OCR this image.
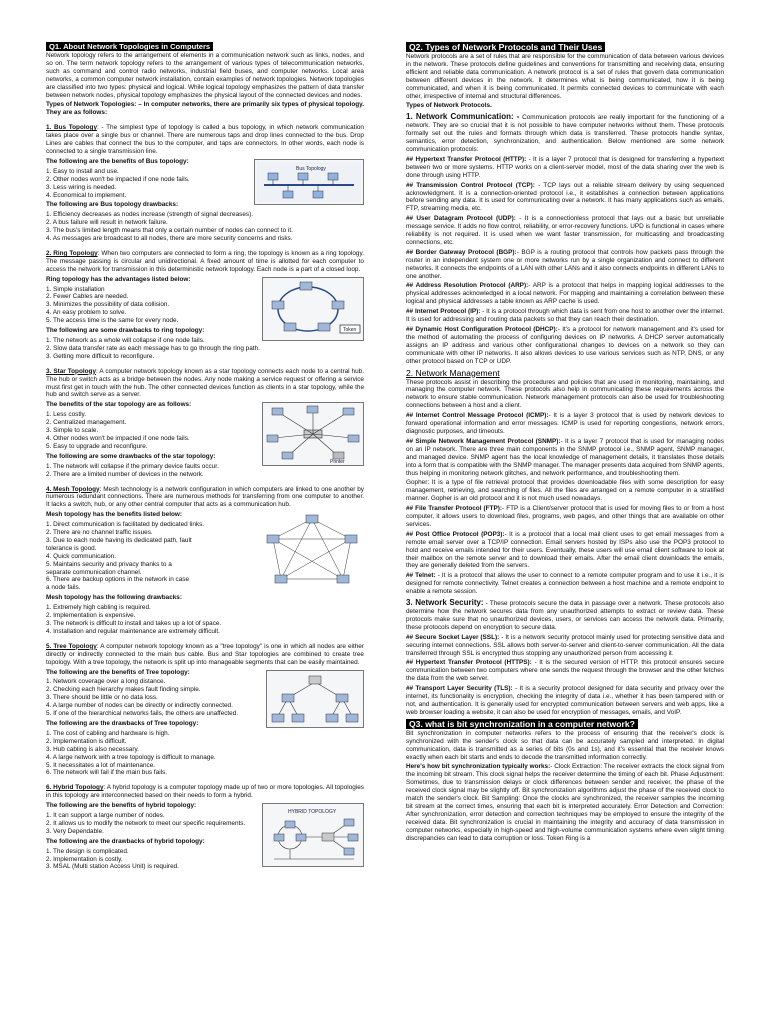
Q1. About Network Topologies in Computers

Network topology refers to the arrangement of elements in a communication network such as links, nodes, and so on. The term network topology refers to the arrangement of various types of telecommunication networks, such as command and control radio networks, industrial field buses, and computer networks. Local area networks, a common computer network installation, contain examples of network topologies. Network topologies are classified into two types: physical and logical. While logical topology emphasizes the pattern of data transfer between network nodes, physical topology emphasizes the physical layout of the connected devices and nodes.

Types of Network Topologies: – In computer networks, there are primarily six types of physical topology. They are as follows:

1. Bus Topology: - The simplest type of topology is called a bus topology, in which network communication takes place over a single bus or channel. There are numerous taps and drop lines connected to the bus. Drop Lines are cables that connect the bus to the computer, and taps are connectors. In other words, each node is connected to a single transmission line.

Bus Topology

The following are the benefits of Bus topology:

1. Easy to install and use.
2. Other nodes won't be impacted if one node fails.
3. Less wiring is needed.
4. Economical to implement.

The following are Bus topology drawbacks:

1. Efficiency decreases as nodes increase (strength of signal decreases).
2. A bus failure will result in network failure.
3. The bus's limited length means that only a certain number of nodes can connect to it.
4. As messages are broadcast to all nodes, there are more security concerns and risks.

2. Ring Topology: When two computers are connected to form a ring, the topology is known as a ring topology. The message passing is circular and unidirectional. A fixed amount of time is allotted for each computer to access the network for transmission in this deterministic network topology. Each node is a part of a closed loop.

Token

Ring topology has the advantages listed below:

1. Simple installation
2. Fewer Cables are needed.
3. Minimizes the possibility of data collision.
4. An easy problem to solve.
5. The access time is the same for every node.

The following are some drawbacks to ring topology:

1. The network as a whole will collapse if one node fails.
2. Slow data transfer rate as each message has to go through the ring path.
3. Getting more difficult to reconfigure.

3. Star Topology: A computer network topology known as a star topology connects each node to a central hub. The hub or switch acts as a bridge between the nodes. Any node making a service request or offering a service must first get in touch with the hub. The other connected devices function as clients in a star topology, while the hub and switch serve as a server.

Printer

The benefits of the star topology are as follows:

1. Less costly.
2. Centralized management.
3. Simple to scale.
4. Other nodes won't be impacted if one node fails.
5. Easy to upgrade and reconfigure.

The following are some drawbacks of the star topology:

1. The network will collapse if the primary device faults occur.
2. There are a limited number of devices in the network.

4. Mesh Topology: Mesh technology is a network configuration in which computers are linked to one another by numerous redundant connections. There are numerous methods for transferring from one computer to another. It lacks a switch, hub, or any other central computer that acts as a communication hub.

Mesh topology has the benefits listed below:

1. Direct communication is facilitated by dedicated links.
2. There are no channel traffic issues.
3. Due to each node having its dedicated path, fault
tolerance is good.
4. Quick communication.
5. Maintains security and privacy thanks to a
separate communication channel.
6. There are backup options in the network in case
a node fails.

Mesh topology has the following drawbacks:

1. Extremely high cabling is required.
2. Implementation is expensive.
3. The network is difficult to install and takes up a lot of space.
4. Installation and regular maintenance are extremely difficult.

5. Tree Topology: A computer network topology known as a "tree topology" is one in which all nodes are either directly or indirectly connected to the main bus cable. Bus and Star topologies are combined to create tree topology. With a tree topology, the network is split up into manageable segments that can be easily maintained.

The following are the benefits of Tree topology:

1. Network coverage over a long distance.
2. Checking each hierarchy makes fault finding simple.
3. There should be little or no data loss.
4. A large number of nodes can be directly or indirectly connected.
5. If one of the hierarchical networks fails, the others are unaffected.

The following are the drawbacks of Tree topology:

1. The cost of cabling and hardware is high.
2. Implementation is difficult.
3. Hub cabling is also necessary.
4. A large network with a tree topology is difficult to manage.
5. It necessitates a lot of maintenance.
6. The network will fail if the main bus fails.

6. Hybrid Topology: A hybrid topology is a computer topology made up of two or more topologies. All topologies in this topology are interconnected based on their needs to form a hybrid.

HYBRID TOPOLOGY

The following are the benefits of hybrid topology:

1. It can support a large number of nodes.
2. It allows us to modify the network to meet our specific requirements.
3. Very Dependable.

The following are the drawbacks of hybrid topology:

1. The design is complicated.
2. Implementation is costly.
3. MSAL (Multi station Access Unit) is required.
Q2. Types of Network Protocols and Their Uses

Network protocols are a set of rules that are responsible for the communication of data between various devices in the network. These protocols define guidelines and conventions for transmitting and receiving data, ensuring efficient and reliable data communication. A network protocol is a set of rules that govern data communication between different devices in the network. It determines what is being communicated, how it is being communicated, and when it is being communicated. It permits connected devices to communicate with each other, irrespective of internal and structural differences.

Types of Network Protocols.

1. Network Communication: - Communication protocols are really important for the functioning of a network. They are so crucial that it is not possible to have computer networks without them. These protocols formally set out the rules and formats through which data is transferred. These protocols handle syntax, semantics, error detection, synchronization, and authentication. Below mentioned are some network communication protocols:

## Hypertext Transfer Protocol (HTTP): - It is a layer 7 protocol that is designed for transferring a hypertext between two or more systems. HTTP works on a client-server model, most of the data sharing over the web is done through using HTTP.

## Transmission Control Protocol (TCP): - TCP lays out a reliable stream delivery by using sequenced acknowledgment. It is a connection-oriented protocol i.e., it establishes a connection between applications before sending any data. It is used for communicating over a network. It has many applications such as emails, FTP, streaming media, etc.

## User Datagram Protocol (UDP): - It is a connectionless protocol that lays out a basic but unreliable message service. It adds no flow control, reliability, or error-recovery functions. UPD is functional in cases where reliability is not required. It is used when we want faster transmission, for multicasting and broadcasting connections, etc.

## Border Gateway Protocol (BGP):- BGP is a routing protocol that controls how packets pass through the router in an independent system one or more networks run by a single organization and connect to different networks. It connects the endpoints of a LAN with other LANs and it also connects endpoints in different LANs to one another.

## Address Resolution Protocol (ARP):- ARP is a protocol that helps in mapping logical addresses to the physical addresses acknowledged in a local network. For mapping and maintaining a correlation between these logical and physical addresses a table known as ARP cache is used.

## Internet Protocol (IP): - It is a protocol through which data is sent from one host to another over the internet. It is used for addressing and routing data packets so that they can reach their destination.

## Dynamic Host Configuration Protocol (DHCP):- It's a protocol for network management and it's used for the method of automating the process of configuring devices on IP networks. A DHCP server automatically assigns an IP address and various other configurational changes to devices on a network so they can communicate with other IP networks. It also allows devices to use various services such as NTP, DNS, or any other protocol based on TCP or UDP.

2. Network Management

These protocols assist in describing the procedures and policies that are used in monitoring, maintaining, and managing the computer network. These protocols also help in communicating these requirements across the network to ensure stable communication. Network management protocols can also be used for troubleshooting connections between a host and a client.

## Internet Control Message Protocol (ICMP):- It is a layer 3 protocol that is used by network devices to forward operational information and error messages. ICMP is used for reporting congestions, network errors, diagnostic purposes, and timeouts.

## Simple Network Management Protocol (SNMP):- It is a layer 7 protocol that is used for managing nodes on an IP network. There are three main components in the SNMP protocol i.e., SNMP agent, SNMP manager, and managed device. SNMP agent has the local knowledge of management details, it translates those details into a form that is compatible with the SNMP manager. The manager presents data acquired from SNMP agents, thus helping in monitoring network glitches, and network performance, and troubleshooting them.

Gopher: It is a type of file retrieval protocol that provides downloadable files with some description for easy management, retrieving, and searching of files. All the files are arranged on a remote computer in a stratified manner. Gopher is an old protocol and it is not much used nowadays.

## File Transfer Protocol (FTP):- FTP is a Client/server protocol that is used for moving files to or from a host computer, it allows users to download files, programs, web pages, and other things that are available on other services.

## Post Office Protocol (POP3):- It is a protocol that a local mail client uses to get email messages from a remote email server over a TCP/IP connection. Email servers hosted by ISPs also use the POP3 protocol to hold and receive emails intended for their users. Eventually, these users will use email client software to look at their mailbox on the remote server and to download their emails. After the email client downloads the emails, they are generally deleted from the servers.

## Telnet: - It is a protocol that allows the user to connect to a remote computer program and to use it i.e., it is designed for remote connectivity. Telnet creates a connection between a host machine and a remote endpoint to enable a remote session.

3. Network Security: - These protocols secure the data in passage over a network. These protocols also determine how the network secures data from any unauthorized attempts to extract or review data. These protocols make sure that no unauthorized devices, users, or services can access the network data. Primarily, these protocols depend on encryption to secure data.

## Secure Socket Layer (SSL): - It is a network security protocol mainly used for protecting sensitive data and securing internet connections. SSL allows both server-to-server and client-to-server communication. All the data transferred through SSL is encrypted thus stopping any unauthorized person from accessing it.

## Hypertext Transfer Protocol (HTTPS): - It is the secured version of HTTP. this protocol ensures secure communication between two computers where one sends the request through the browser and the other fetches the data from the web server.

## Transport Layer Security (TLS): - It is a security protocol designed for data security and privacy over the internet, its functionality is encryption, checking the integrity of data i.e., whether it has been tampered with or not, and authentication. It is generally used for encrypted communication between servers and web apps, like a web browser loading a website, it can also be used for encryption of messages, emails, and VoIP.

Q3. what is bit synchronization in a computer network?

Bit synchronization in computer networks refers to the process of ensuring that the receiver's clock is synchronized with the sender's clock so that data can be accurately sampled and interpreted. In digital communication, data is transmitted as a series of bits (0s and 1s), and it's essential that the receiver knows exactly when each bit starts and ends to decode the transmitted information correctly.

Here's how bit synchronization typically works:- Clock Extraction: The receiver extracts the clock signal from the incoming bit stream. This clock signal helps the receiver determine the timing of each bit. Phase Adjustment: Sometimes, due to transmission delays or clock differences between sender and receiver, the phase of the received clock signal may be slightly off. Bit synchronization algorithms adjust the phase of the received clock to match the sender's clock. Bit Sampling: Once the clocks are synchronized, the receiver samples the incoming bit stream at the correct times, ensuring that each bit is interpreted accurately. Error Detection and Correction: After synchronization, error detection and correction techniques may be employed to ensure the integrity of the received data. Bit synchronization is crucial in maintaining the integrity and accuracy of data transmission in computer networks, especially in high-speed and high-volume communication systems where even slight timing discrepancies can lead to data corruption or loss. Token Ring is a
